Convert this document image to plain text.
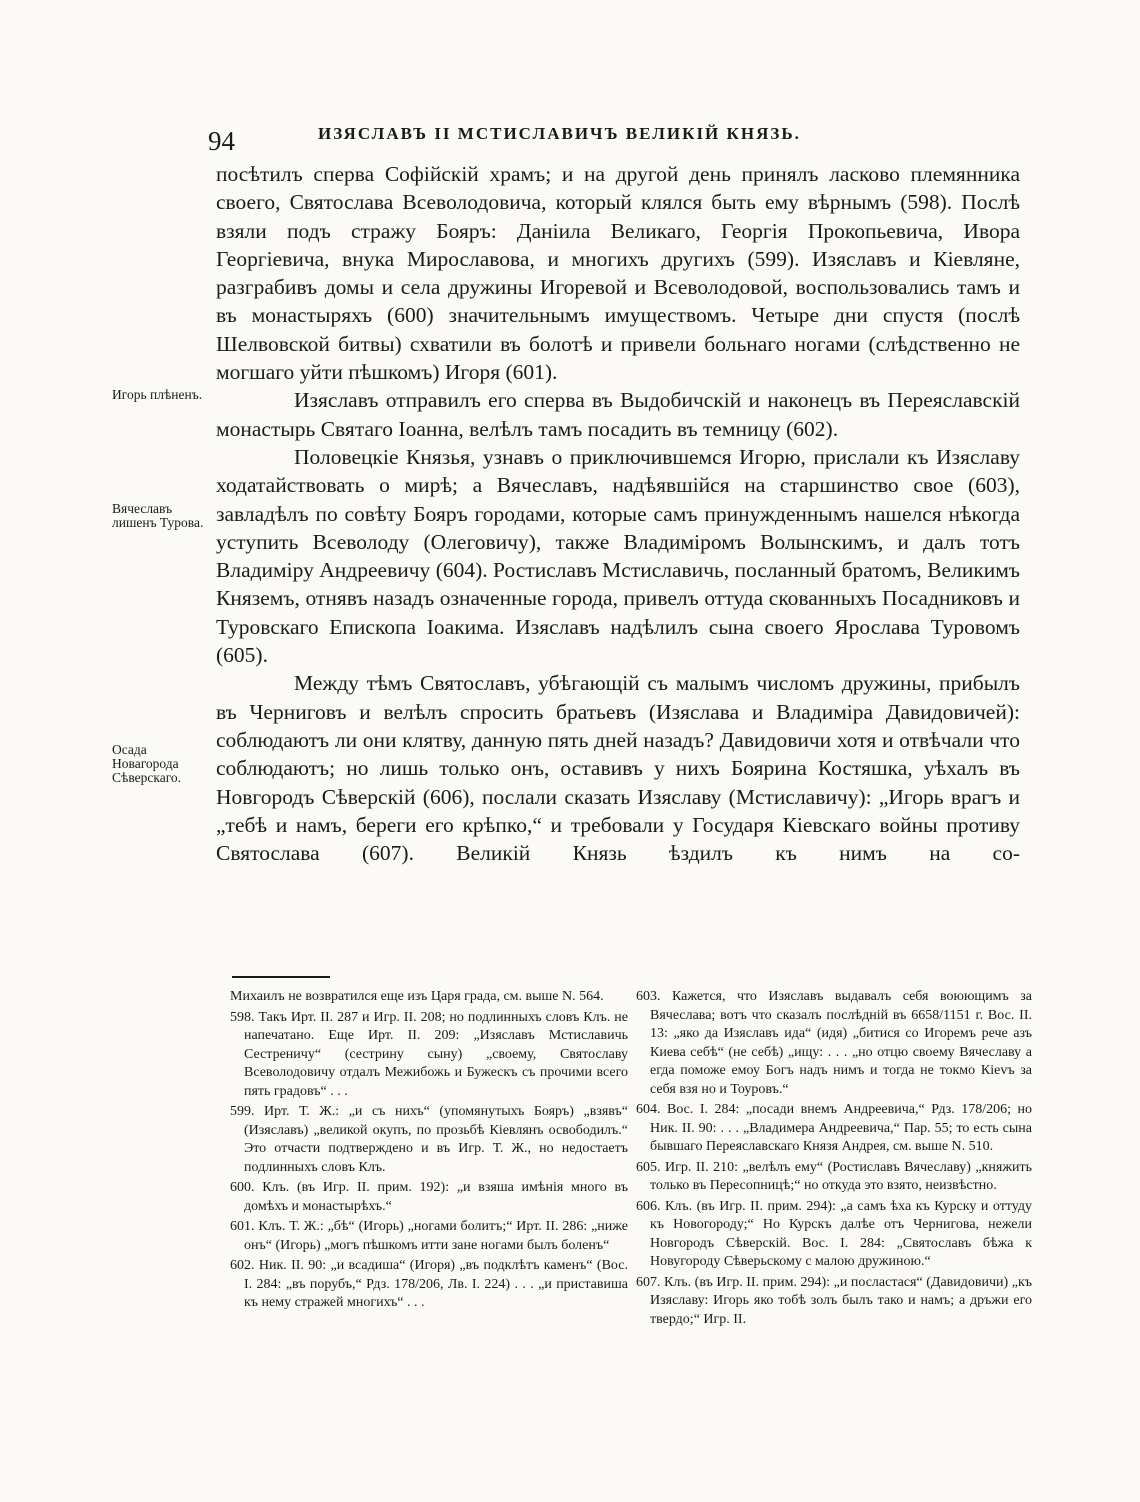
94	ИЗЯСЛАВЪ II МСТИСЛАВИЧЪ ВЕЛИКІЙ КНЯЗЬ.

посѣтилъ сперва Софійскій храмъ; и на другой день принялъ ласково племянника своего, Святослава Всеволодовича, который клялся быть ему вѣрнымъ (598). Послѣ взяли подъ стражу Бояръ: Даніила Великаго, Георгія Прокопьевича, Ивора Георгіевича, внука Мирославова, и многихъ другихъ (599). Изяславъ и Кіевляне, разграбивъ домы и села дружины Игоревой и Всеволодовой, воспользовались тамъ и въ монастыряхъ (600) значительнымъ имуществомъ. Четыре дни спустя (послѣ Шелвовской битвы) схватили въ болотѣ и привели больнаго ногами (слѣдственно не могшаго уйти пѣшкомъ) Игоря (601).

Изяславъ отправилъ его сперва въ Выдобичскій и наконецъ въ Переяславскій монастырь Святаго Іоанна, велѣлъ тамъ посадить въ темницу (602).

Половецкіе Князья, узнавъ о приключившемся Игорю, прислали къ Изяславу ходатайствовать о мирѣ; а Вячеславъ, надѣявшійся на старшинство свое (603), завладѣлъ по совѣту Бояръ городами, которые самъ принужденнымъ нашелся нѣкогда уступить Всеволоду (Олеговичу), также Владиміромъ Волынскимъ, и далъ тотъ Владиміру Андреевичу (604). Ростиславъ Мстиславичь, посланный братомъ, Великимъ Княземъ, отнявъ назадъ означенные города, привелъ оттуда скованныхъ Посадниковъ и Туровскаго Епископа Іоакима. Изяславъ надѣлилъ сына своего Ярослава Туровомъ (605).

Между тѣмъ Святославъ, убѣгающій съ малымъ числомъ дружины, прибылъ въ Черниговъ и велѣлъ спросить братьевъ (Изяслава и Владиміра Давидовичей): соблюдаютъ ли они клятву, данную пять дней назадъ? Давидовичи хотя и отвѣчали что соблюдаютъ; но лишь только онъ, оставивъ у нихъ Боярина Костяшка, уѣхалъ въ Новгородъ Сѣверскій (606), послали сказать Изяславу (Мстиславичу): „Игорь врагъ и „тебѣ и намъ, береги его крѣпко,“ и требовали у Государя Кіевскаго войны противу Святослава (607). Великій Князь ѣздилъ къ нимъ на со-

Игорь плѣненъ.
Вячеславъ лишенъ Турова.
Осада Новагорода Сѣверскаго.

Михаилъ не возвратился еще изъ Царя града, см. выше N. 564.

598. Такъ Ирт. II. 287 и Игр. II. 208; но подлинныхъ словъ Клъ. не напечатано. Еще Ирт. II. 209: „Изяславъ Мстиславичь Сестреничу“ (сестрину сыну) „своему, Святославу Всеволодовичу отдалъ Межибожь и Бужескъ съ прочими всего пять градовъ“ . . .

599. Ирт. Т. Ж.: „и съ нихъ“ (упомянутыхъ Бояръ) „взявъ“ (Изяславъ) „великой окупъ, по прозьбѣ Кіевлянъ освободилъ.“ Это отчасти подтверждено и въ Игр. Т. Ж., но недостаетъ подлинныхъ словъ Клъ.

600. Клъ. (въ Игр. II. прим. 192): „и взяша имѣнія много въ домѣхъ и монастырѣхъ.“

601. Клъ. Т. Ж.: „бѣ“ (Игорь) „ногами болитъ;“ Ирт. II. 286: „ниже онъ“ (Игорь) „могъ пѣшкомъ итти зане ногами былъ боленъ“

602. Ник. II. 90: „и всадиша“ (Игоря) „въ подклѣтъ каменъ“ (Вос. I. 284: „въ порубъ,“ Рдз. 178/206, Лв. I. 224) . . . „и приставиша къ нему стражей многихъ“ . . .

603. Кажется, что Изяславъ выдавалъ себя воюющимъ за Вячеслава; вотъ что сказалъ послѣдній въ 6658/1151 г. Вос. II. 13: „яко да Изяславъ ида“ (идя) „битися со Игоремъ рече азъ Киева себѣ“ (не себѣ) „ищу: . . . „но отцю своему Вячеславу а егда поможе емоу Богъ надъ нимъ и тогда не токмо Кievъ за себя взя но и Тоуровъ.“

604. Вос. I. 284: „посади внемъ Андреевича,“ Рдз. 178/206; но Ник. II. 90: . . . „Владимера Андреевича,“ Пар. 55; то есть сына бывшаго Переяславскаго Князя Андрея, см. выше N. 510.

605. Игр. II. 210: „велѣлъ ему“ (Ростиславъ Вячеславу) „княжить только въ Пересопницѣ;“ но откуда это взято, неизвѣстно.

606. Клъ. (въ Игр. II. прим. 294): „а самъ ѣха къ Курску и оттуду къ Новогороду;“ Но Курскъ далѣе отъ Чернигова, нежели Новгородъ Сѣверскій. Вос. I. 284: „Святославъ бѣжа к Новугороду Сѣверьскому с малою дружиною.“

607. Клъ. (въ Игр. II. прим. 294): „и посластася“ (Давидовичи) „къ Изяславу: Игорь яко тобѣ золъ былъ тако и намъ; а дръжи его твердо;“ Игр. II.
